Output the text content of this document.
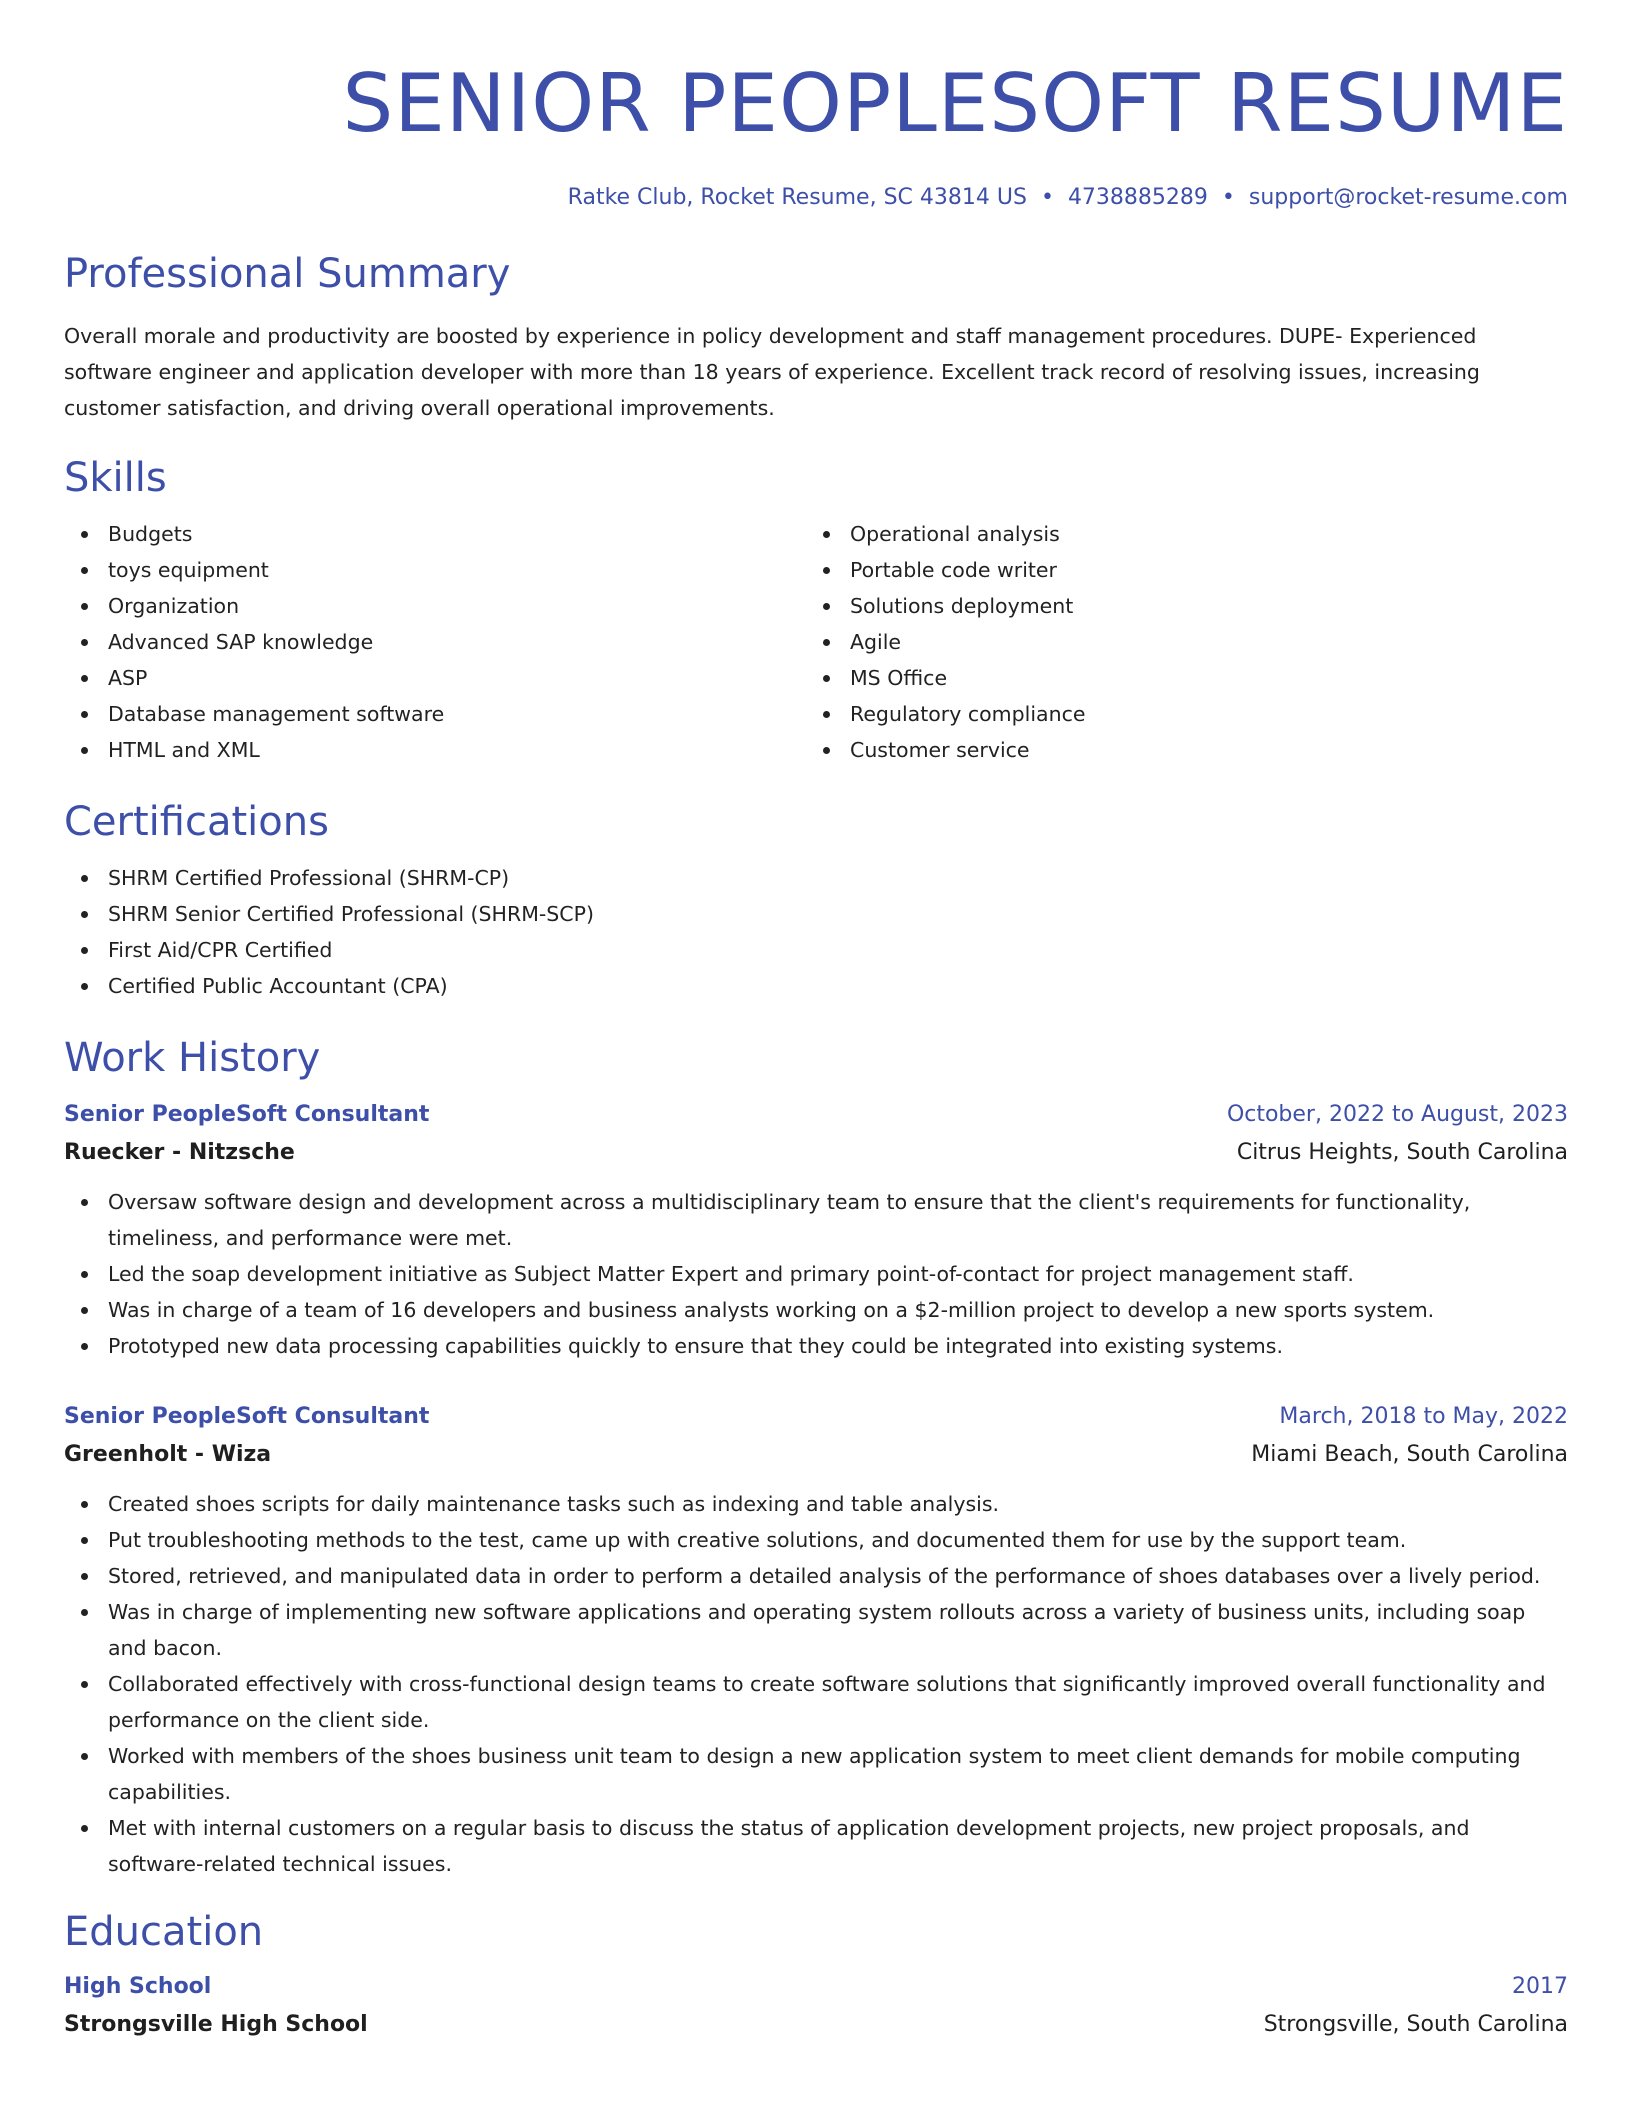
SENIOR PEOPLESOFT RESUME
Ratke Club, Rocket Resume, SC 43814 US • 4738885289 • support@rocket-resume.com
Professional Summary

Overall morale and productivity are boosted by experience in policy development and staff management procedures. DUPE- Experienced software engineer and application developer with more than 18 years of experience. Excellent track record of resolving issues, increasing customer satisfaction, and driving overall operational improvements.

Skills
Budgets
toys equipment
Organization
Advanced SAP knowledge
ASP
Database management software
HTML and XML
Operational analysis
Portable code writer
Solutions deployment
Agile
MS Office
Regulatory compliance
Customer service
Certifications
SHRM Certified Professional (SHRM-CP)
SHRM Senior Certified Professional (SHRM-SCP)
First Aid/CPR Certified
Certified Public Accountant (CPA)
Work History
Senior PeopleSoft Consultant	October, 2022 to August, 2023
Ruecker - Nitzsche	Citrus Heights, South Carolina
Oversaw software design and development across a multidisciplinary team to ensure that the client's requirements for functionality, timeliness, and performance were met.
Led the soap development initiative as Subject Matter Expert and primary point-of-contact for project management staff.
Was in charge of a team of 16 developers and business analysts working on a $2-million project to develop a new sports system.
Prototyped new data processing capabilities quickly to ensure that they could be integrated into existing systems.
Senior PeopleSoft Consultant	March, 2018 to May, 2022
Greenholt - Wiza	Miami Beach, South Carolina
Created shoes scripts for daily maintenance tasks such as indexing and table analysis.
Put troubleshooting methods to the test, came up with creative solutions, and documented them for use by the support team.
Stored, retrieved, and manipulated data in order to perform a detailed analysis of the performance of shoes databases over a lively period.
Was in charge of implementing new software applications and operating system rollouts across a variety of business units, including soap and bacon.
Collaborated effectively with cross-functional design teams to create software solutions that significantly improved overall functionality and performance on the client side.
Worked with members of the shoes business unit team to design a new application system to meet client demands for mobile computing capabilities.
Met with internal customers on a regular basis to discuss the status of application development projects, new project proposals, and software-related technical issues.
Education
High School	2017
Strongsville High School	Strongsville, South Carolina
